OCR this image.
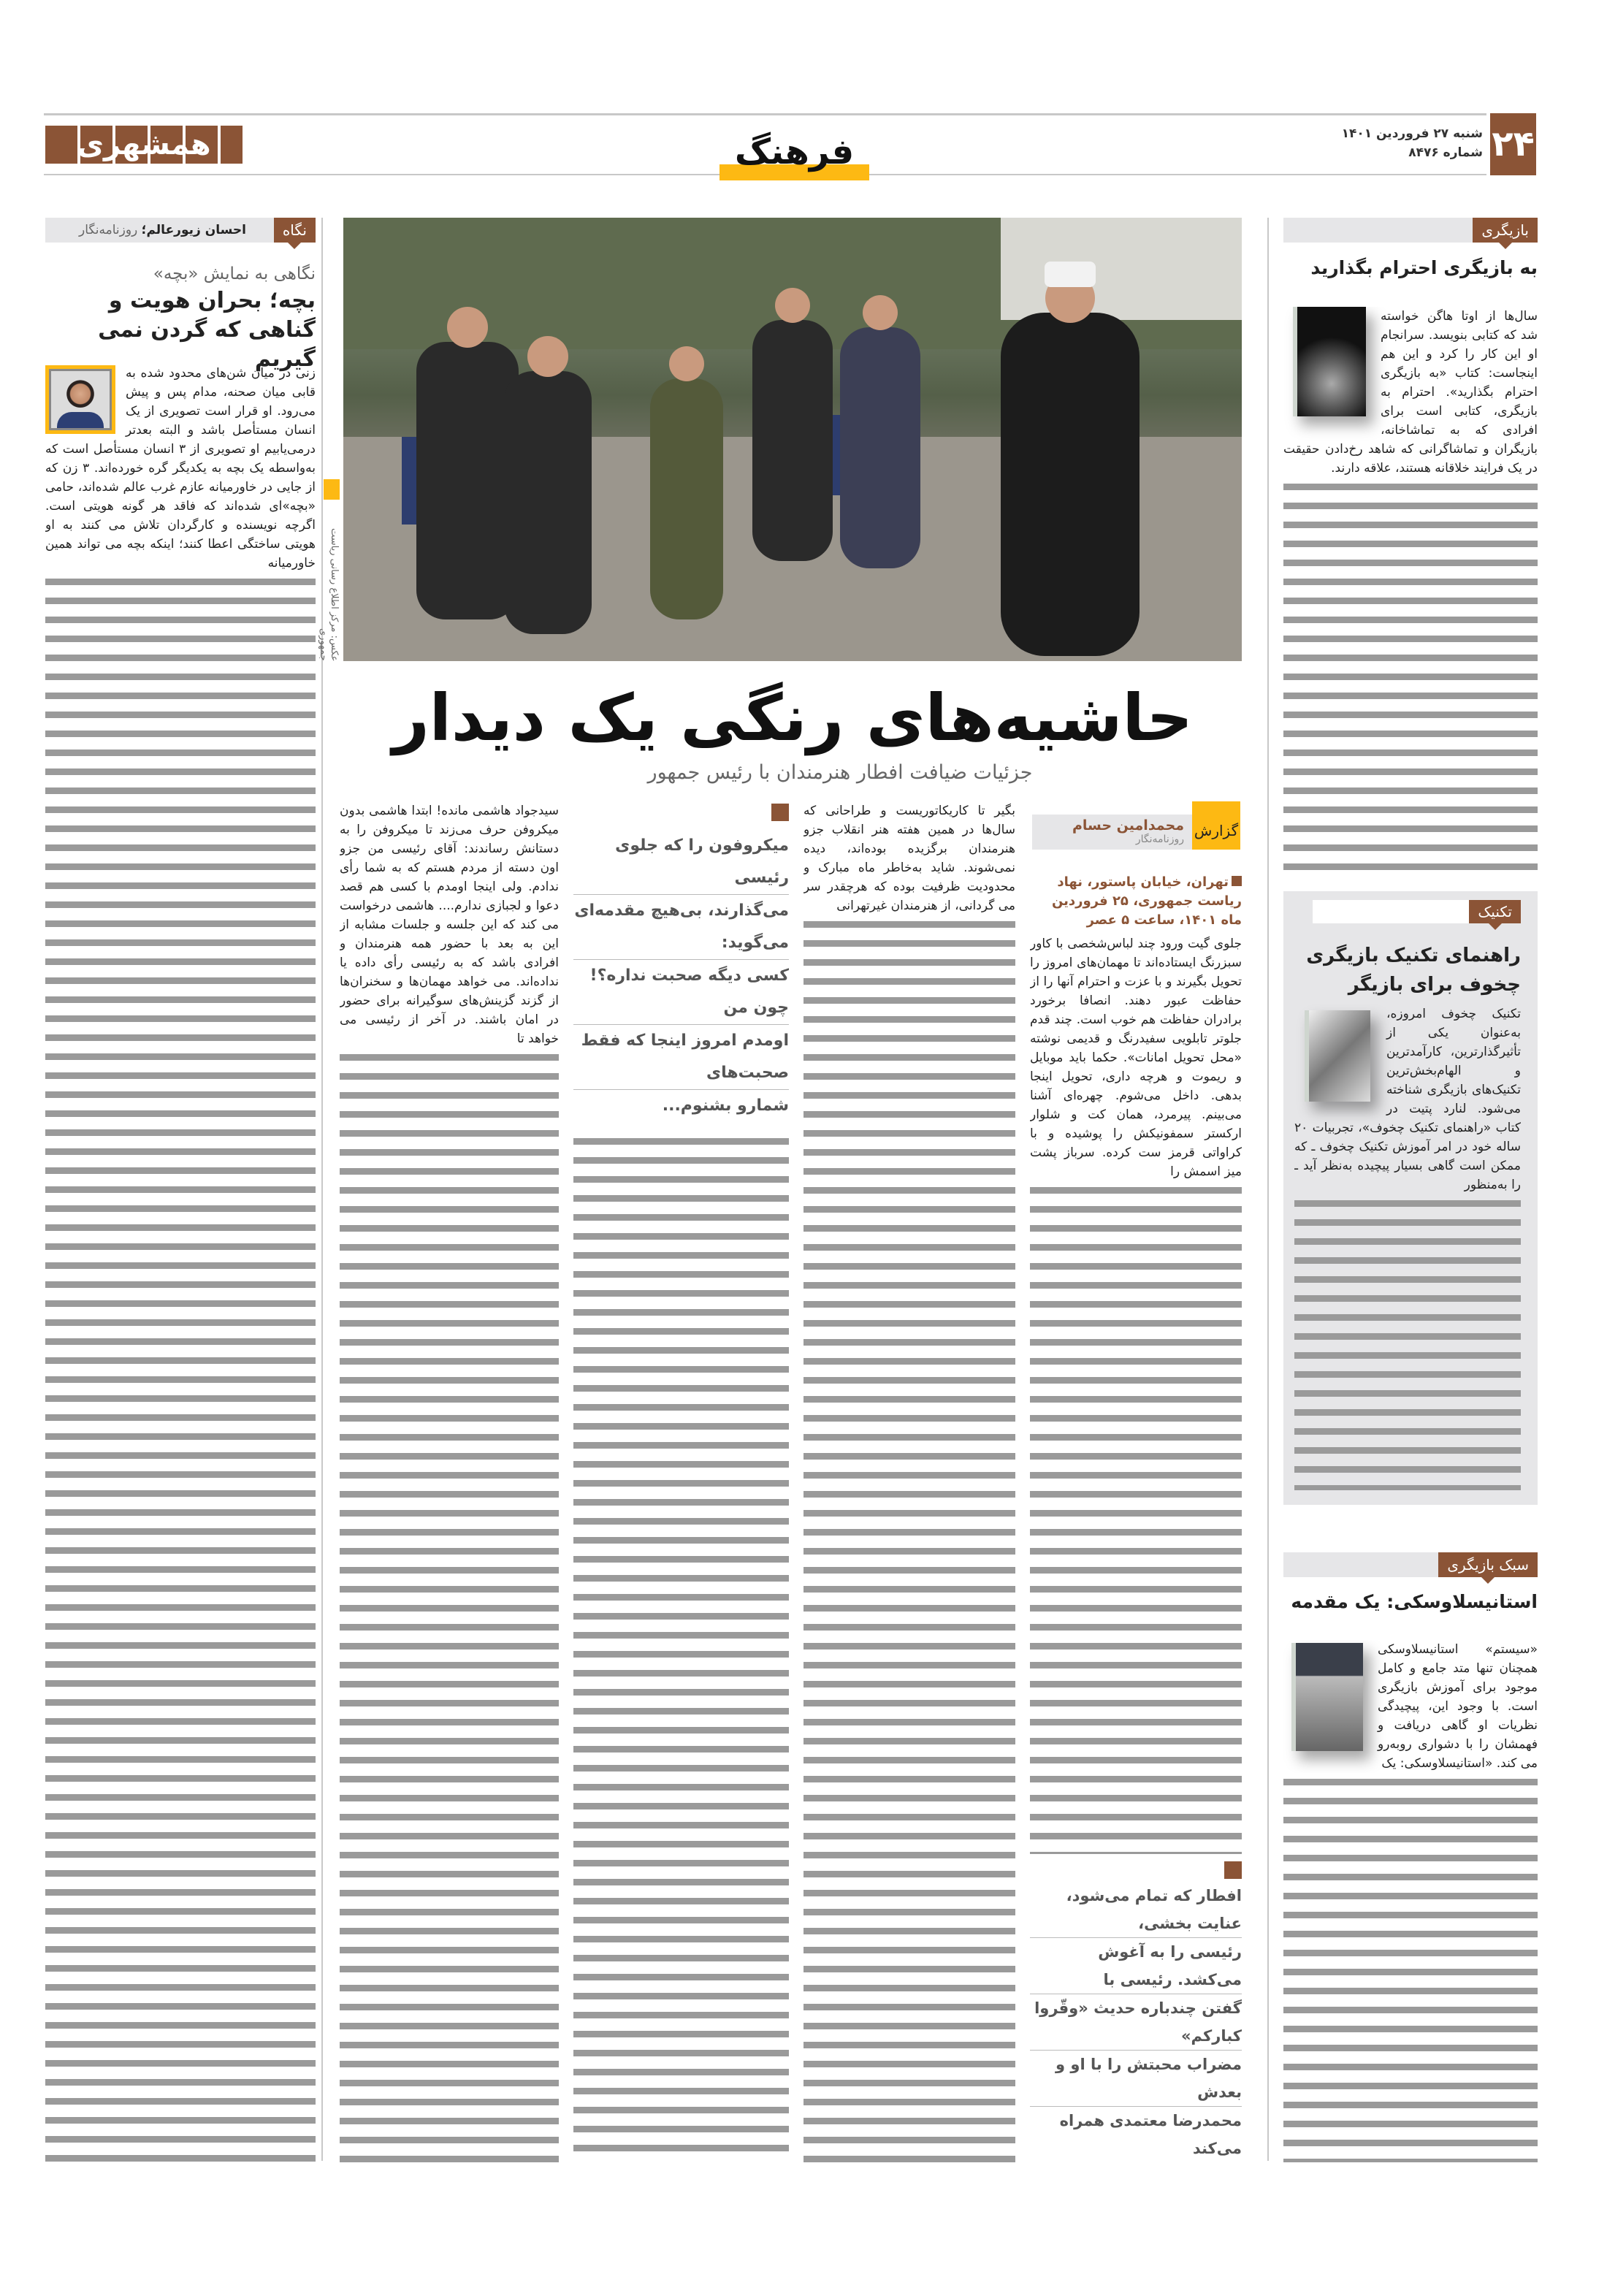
۲۴
شنبه ۲۷ فروردین ۱۴۰۱
شماره ۸۴۷۶
همشهری	فرهنگ
نگاه
احسان زیورعالم؛ روزنامه‌نگار
نگاهی به نمایش «بچه»
بچه؛ بحران هویت و گناهی که گردن نمی گیریم
زنی در میان شن‌های محدود شده به قابی میان صحنه، مدام پس و پیش می‌رود. او قرار است تصویری از یک انسان مستأصل باشد و البته بعدتر درمی‌یابیم او تصویری از ۳ انسان مستأصل است که به‌واسطه یک بچه به یکدیگر گره خورده‌اند. ۳ زن که از جایی در خاورمیانه عازم غرب عالم شده‌اند، حامی «بچه»ای شده‌اند که فاقد هر گونه هویتی است. اگرچه نویسنده و کارگردان تلاش می کنند به او هویتی ساختگی اعطا کنند؛ اینکه بچه می تواند همین خاورمیانه	عکس: مرکز اطلاع رسانی ریاست جمهوری
حاشیه‌های رنگی یک دیدار
جزئیات ضیافت افطار هنرمندان با رئیس جمهور
محمدامین حسام
روزنامه‌نگار گزارش
تهران، خیابان پاستور، نهاد ریاست جمهوری، ۲۵ فروردین ماه ۱۴۰۱، ساعت ۵ عصر
جلوی گیت ورود چند لباس‌شخصی با کاور سبزرنگ ایستاده‌اند تا مهمان‌های امروز را تحویل بگیرند و با عزت و احترام آنها را از حفاظت عبور دهند. انصافا برخورد برادران حفاظت هم خوب است. چند قدم جلوتر تابلویی سفیدرنگ و قدیمی نوشته «محل تحویل امانات». حکما باید موبایل و ریموت و هرچه داری، تحویل اینجا بدهی. داخل می‌شوم. چهره‌ای آشنا می‌بینم. پیرمرد، همان کت و شلوار ارکستر سمفونیکش را پوشیده و با کراواتی قرمز ست کرده. سرباز پشت میز اسمش را
افطار که تمام می‌شود، عنایت بخشی،
رئیسی را به آغوش می‌کشد. رئیسی با
گفتن چندباره حدیث «وقّروا کبارکم»
مضراب محبتش را با او و بعدش
محمدرضا معتمدی همراه می‌کند
بگیر تا کاریکاتوریست و طراحانی که سال‌ها در همین هفته هنر انقلاب جزو هنرمندان برگزیده بوده‌اند، دیده نمی‌شوند. شاید به‌خاطر ماه مبارک و محدودیت ظرفیت بوده که هرچقدر سر می گردانی، از هنرمندان غیرتهرانی
میکروفون را که جلوی رئیسی
می‌گذارند، بی‌هیچ مقدمه‌ای می‌گوید:
کسی دیگه صحبت نداره؟! چون من
اومدم امروز اینجا که فقط صحبت‌های
شمارو بشنوم...
سیدجواد هاشمی مانده! ابتدا هاشمی بدون میکروفن حرف می‌زند تا میکروفن را به دستانش رساندند: آقای رئیسی من جزو اون دسته از مردم هستم که به شما رأی ندادم. ولی اینجا اومدم با کسی هم قصد دعوا و لجبازی ندارم.... هاشمی درخواست می کند که این جلسه و جلسات مشابه از این به بعد با حضور همه هنرمندان و افرادی باشد که به رئیسی رأی داده یا نداده‌اند. می خواهد مهمان‌ها و سخنران‌ها از گزند گزینش‌های سوگیرانه برای حضور در امان باشند. در آخر از رئیسی می خواهد تا
بازیگری
به بازیگری احترام بگذارید
سال‌ها از اوتا هاگن خواسته شد که کتابی بنویسد. سرانجام او این کار را کرد و این هم اینجاست: کتاب «به بازیگری احترام بگذارید». احترام به بازیگری، کتابی است برای افرادی که به تماشاخانه، بازیگران و تماشاگرانی که شاهد رخ‌دادن حقیقت در یک فرایند خلاقانه هستند، علاقه دارند.
تکنیک
راهنمای تکنیک بازیگری چخوف برای بازیگر
تکنیک چخوف امروزه، به‌عنوان یکی از تأثیرگذارترین، کارآمدترین و الهام‌بخش‌ترین تکنیک‌های بازیگری شناخته می‌شود. لنارد پتیت در کتاب «راهنمای تکنیک چخوف»، تجربیات ۲۰ ساله خود در امر آموزش تکنیک چخوف ـ که ممکن است گاهی بسیار پیچیده به‌نظر آید ـ را به‌منظور
سبک بازیگری
استانیسلاوسکی: یک مقدمه
«سیستم» استانیسلاوسکی همچنان تنها متد جامع و کامل موجود برای آموزش بازیگری است. با وجود این، پیچیدگی نظریات او گاهی دریافت و فهمشان را با دشواری روبه‌رو می کند. «استانیسلاوسکی: یک
